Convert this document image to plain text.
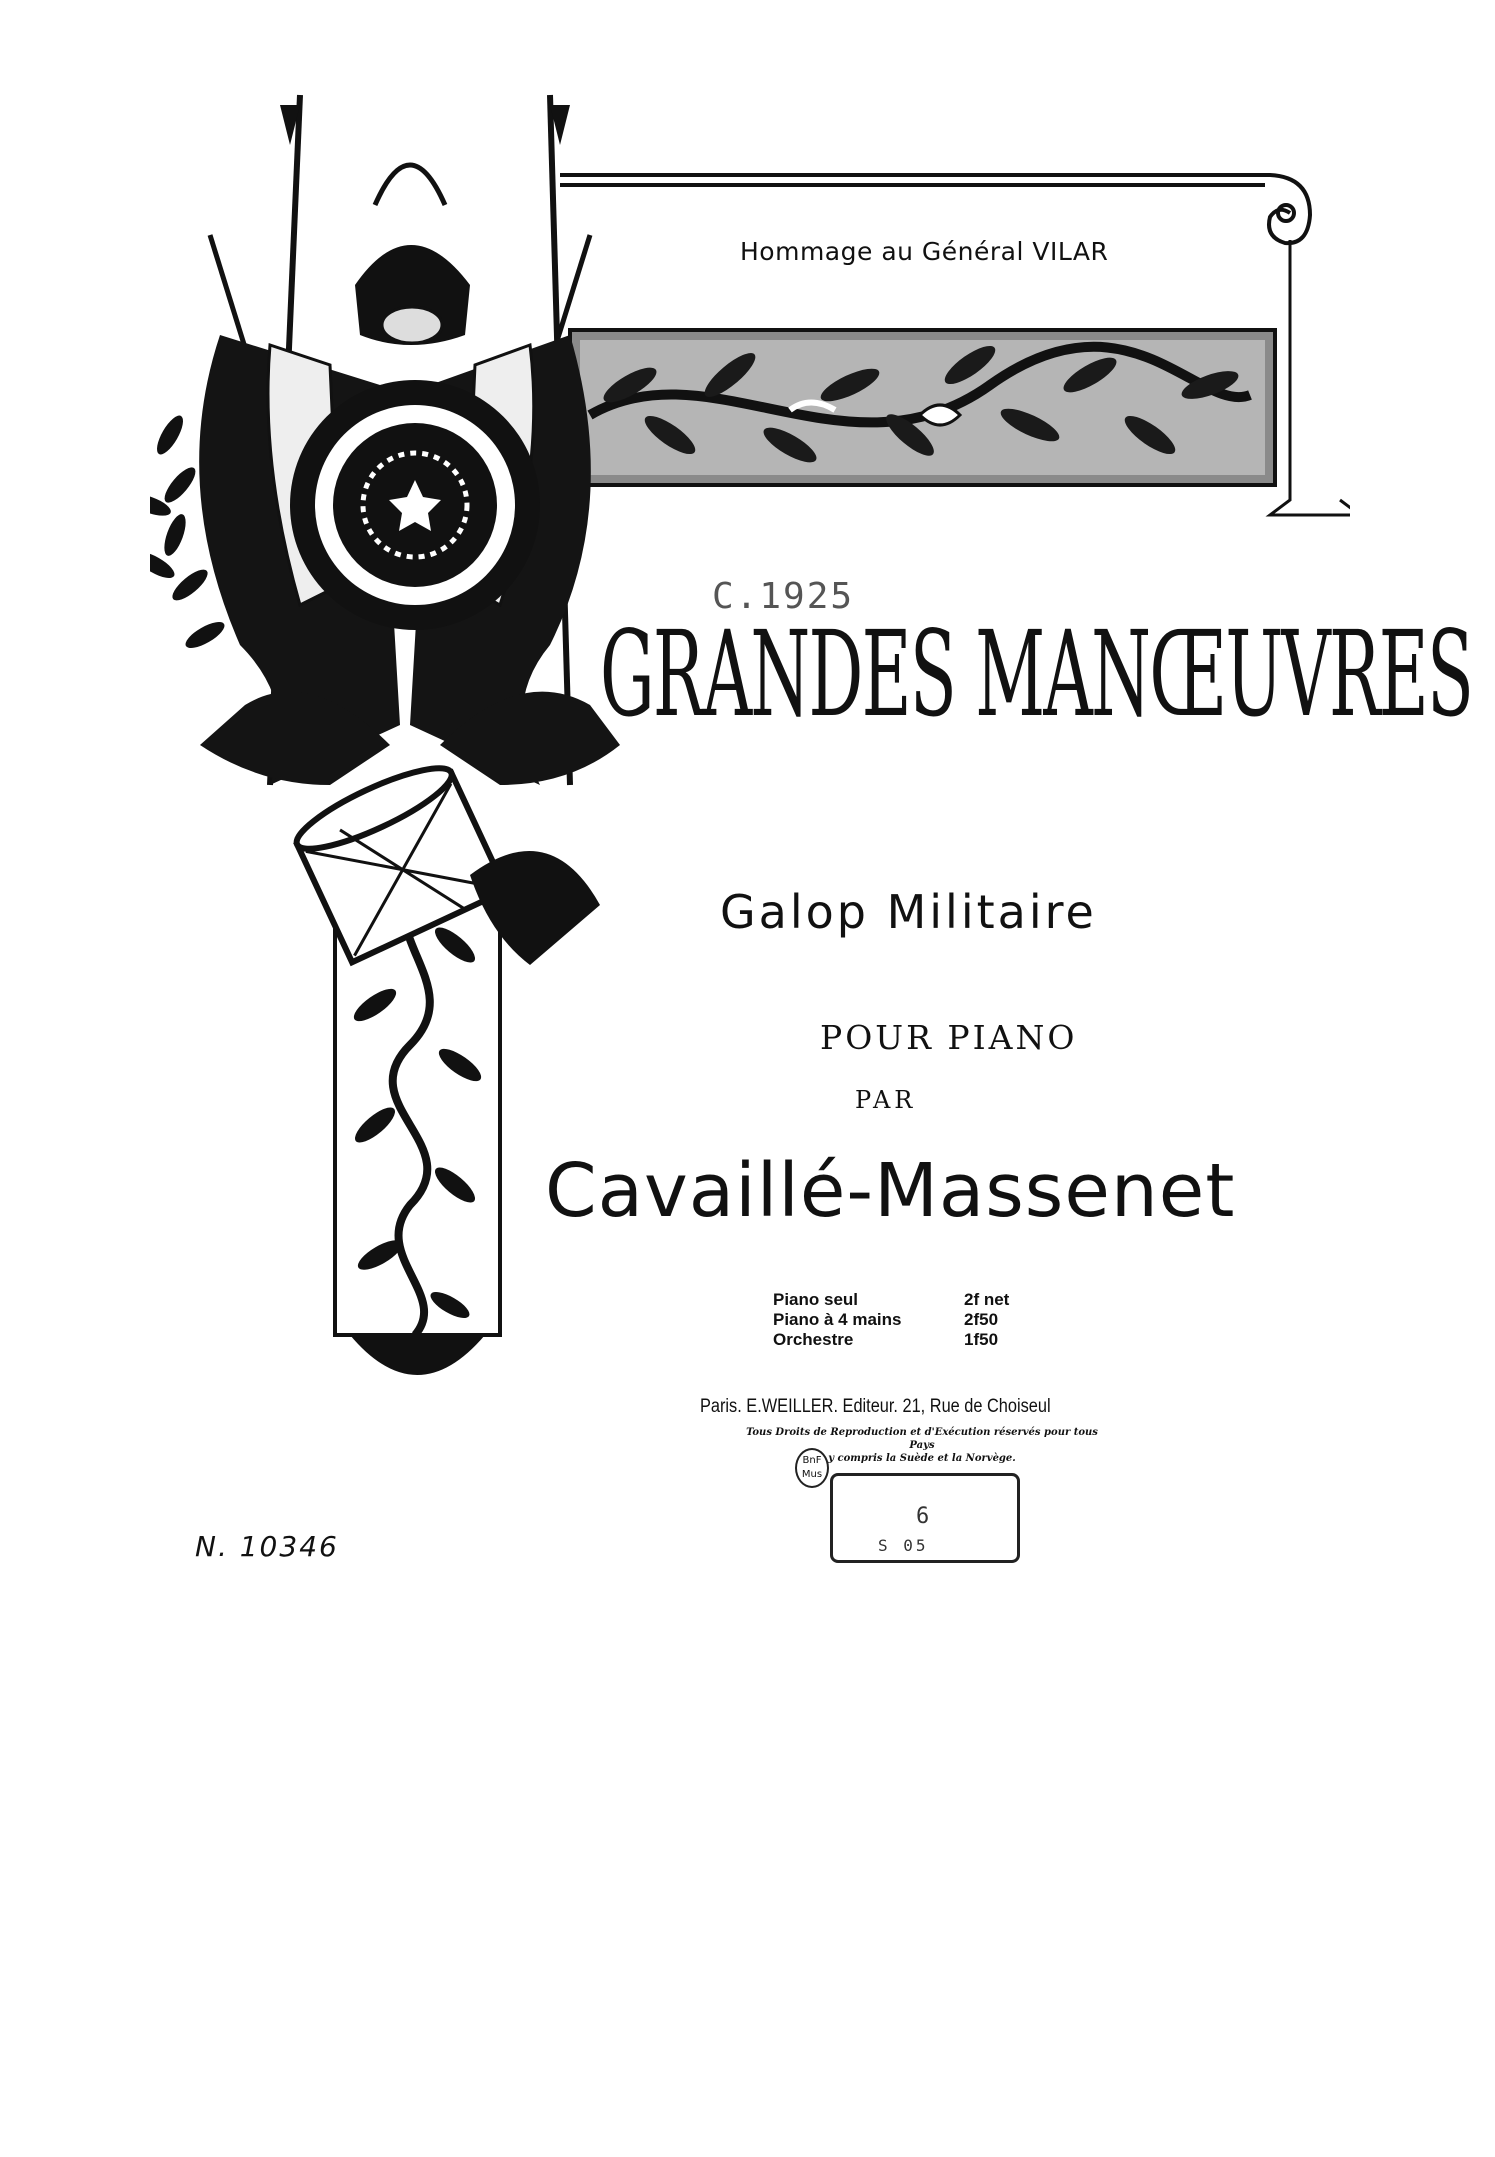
Hommage au Général VILAR
C.1925
GRANDES MANŒUVRES
Galop Militaire
POUR PIANO
PAR
Cavaillé-Massenet
Piano seul	2f net
Piano à 4 mains	2f50
Orchestre	1f50
Paris. E.WEILLER. Editeur. 21, Rue de Choiseul
Tous Droits de Reproduction et d'Exécution réservés pour tous Pays
y compris la Suède et la Norvège.
BnF
Mus
6
S 05
N. 10346
